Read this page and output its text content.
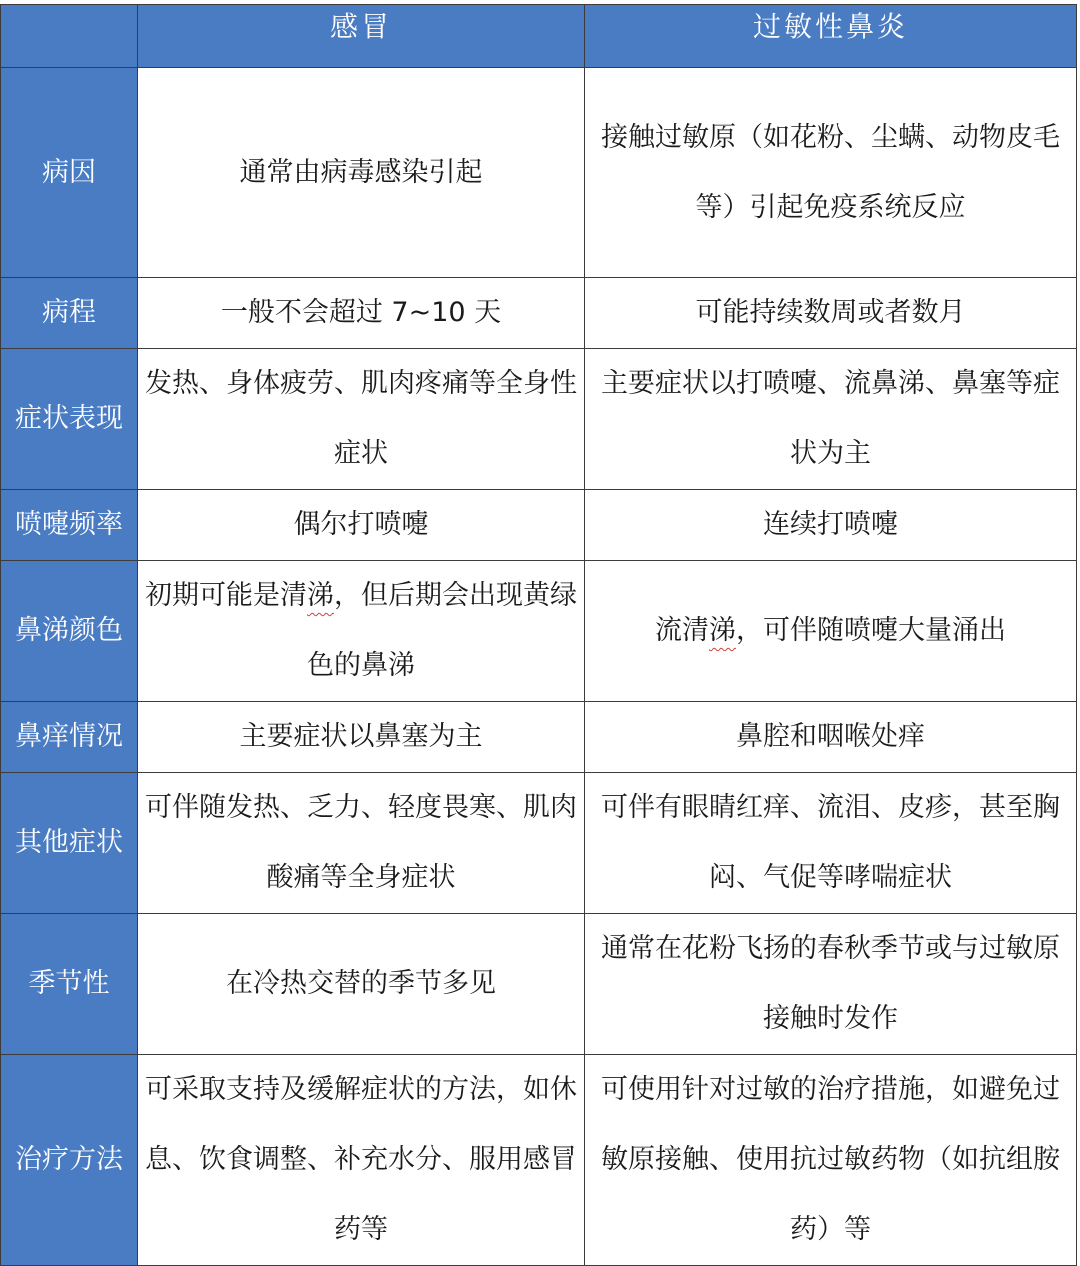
	感冒	过敏性鼻炎
病因	通常由病毒感染引起	接触过敏原（如花粉、尘螨、动物皮毛等）引起免疫系统反应
病程	一般不会超过 7~10 天	可能持续数周或者数月
症状表现	发热、身体疲劳、肌肉疼痛等全身性症状	主要症状以打喷嚏、流鼻涕、鼻塞等症状为主
喷嚏频率	偶尔打喷嚏	连续打喷嚏
鼻涕颜色	初期可能是清涕，但后期会出现黄绿色的鼻涕	流清涕，可伴随喷嚏大量涌出
鼻痒情况	主要症状以鼻塞为主	鼻腔和咽喉处痒
其他症状	可伴随发热、乏力、轻度畏寒、肌肉酸痛等全身症状	可伴有眼睛红痒、流泪、皮疹，甚至胸闷、气促等哮喘症状
季节性	在冷热交替的季节多见	通常在花粉飞扬的春秋季节或与过敏原接触时发作
治疗方法	可采取支持及缓解症状的方法，如休息、饮食调整、补充水分、服用感冒药等	可使用针对过敏的治疗措施，如避免过敏原接触、使用抗过敏药物（如抗组胺药）等
